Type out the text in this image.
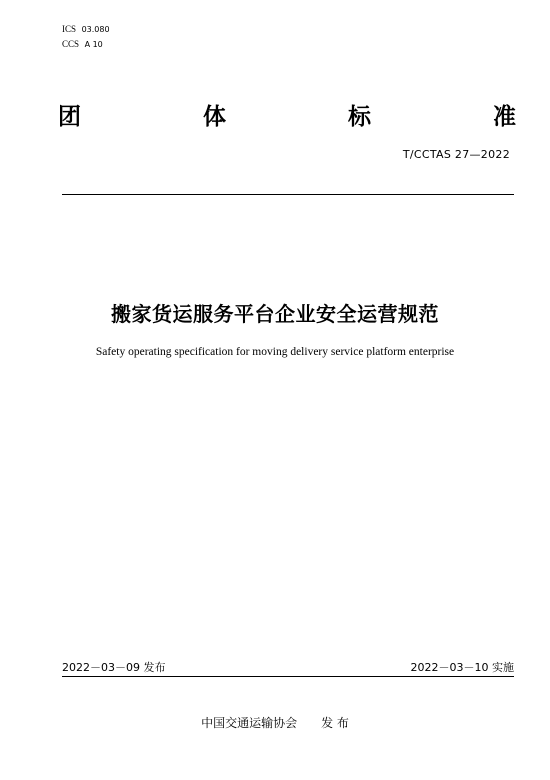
ICS 03.080
CCS A 10
团	体	标	准
T/CCTAS 27—2022
搬家货运服务平台企业安全运营规范
Safety operating specification for moving delivery service platform enterprise
2022－03－09 发布	2022－03－10 实施
中国交通运输协会 发 布
